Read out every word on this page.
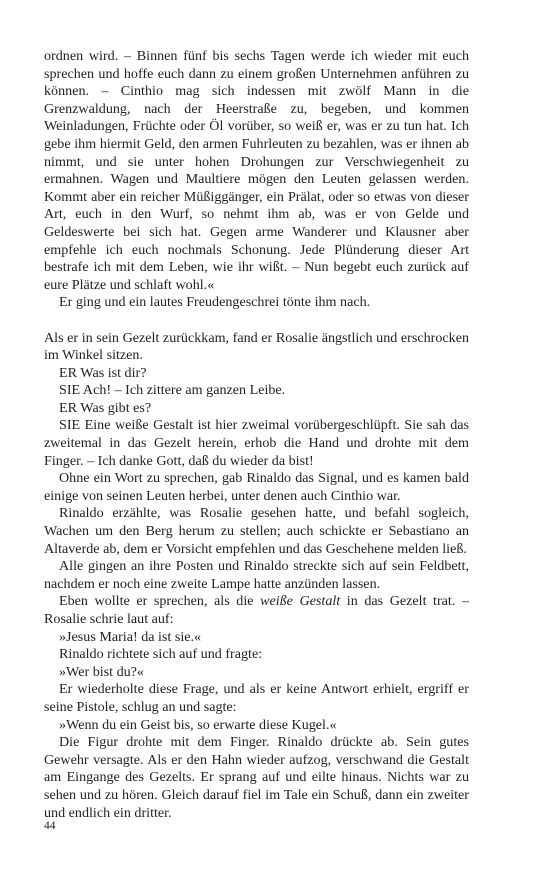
ordnen wird. – Binnen fünf bis sechs Tagen werde ich wieder mit euch sprechen und hoffe euch dann zu einem großen Unternehmen anführen zu können. – Cinthio mag sich indessen mit zwölf Mann in die Grenzwaldung, nach der Heerstraße zu, begeben, und kommen Weinladungen, Früchte oder Öl vorüber, so weiß er, was er zu tun hat. Ich gebe ihm hiermit Geld, den armen Fuhrleuten zu bezahlen, was er ihnen ab nimmt, und sie unter hohen Drohungen zur Verschwiegenheit zu ermahnen. Wagen und Maultiere mögen den Leuten gelassen werden. Kommt aber ein reicher Müßiggänger, ein Prälat, oder so etwas von dieser Art, euch in den Wurf, so nehmt ihm ab, was er von Gelde und Geldeswerte bei sich hat. Gegen arme Wanderer und Klausner aber empfehle ich euch nochmals Schonung. Jede Plünderung dieser Art bestrafe ich mit dem Leben, wie ihr wißt. – Nun begebt euch zurück auf eure Plätze und schlaft wohl.«

Er ging und ein lautes Freudengeschrei tönte ihm nach.

Als er in sein Gezelt zurückkam, fand er Rosalie ängstlich und erschrocken im Winkel sitzen.

ER Was ist dir?

SIE Ach! – Ich zittere am ganzen Leibe.

ER Was gibt es?

SIE Eine weiße Gestalt ist hier zweimal vorübergeschlüpft. Sie sah das zweitemal in das Gezelt herein, erhob die Hand und drohte mit dem Finger. – Ich danke Gott, daß du wieder da bist!

Ohne ein Wort zu sprechen, gab Rinaldo das Signal, und es kamen bald einige von seinen Leuten herbei, unter denen auch Cinthio war.

Rinaldo erzählte, was Rosalie gesehen hatte, und befahl sogleich, Wachen um den Berg herum zu stellen; auch schickte er Sebastiano an Altaverde ab, dem er Vorsicht empfehlen und das Geschehene melden ließ.

Alle gingen an ihre Posten und Rinaldo streckte sich auf sein Feldbett, nachdem er noch eine zweite Lampe hatte anzünden lassen.

Eben wollte er sprechen, als die weiße Gestalt in das Gezelt trat. – Rosalie schrie laut auf:

»Jesus Maria! da ist sie.«

Rinaldo richtete sich auf und fragte:

»Wer bist du?«

Er wiederholte diese Frage, und als er keine Antwort erhielt, ergriff er seine Pistole, schlug an und sagte:

»Wenn du ein Geist bis, so erwarte diese Kugel.«

Die Figur drohte mit dem Finger. Rinaldo drückte ab. Sein gutes Gewehr versagte. Als er den Hahn wieder aufzog, verschwand die Gestalt am Eingange des Gezelts. Er sprang auf und eilte hinaus. Nichts war zu sehen und zu hören. Gleich darauf fiel im Tale ein Schuß, dann ein zweiter und endlich ein dritter.

44
